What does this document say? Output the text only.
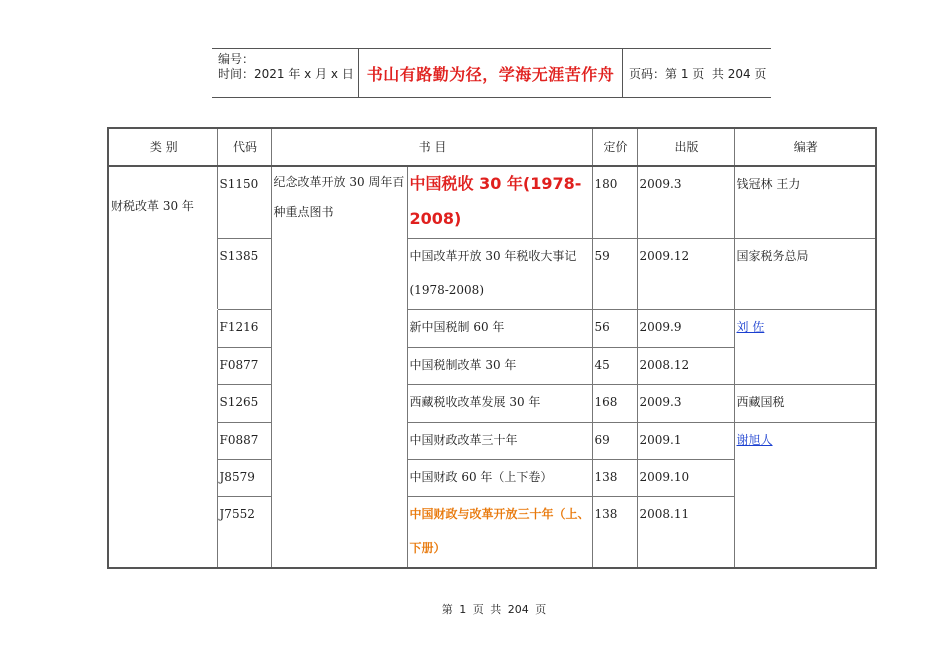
编号：
时间：2021 年 x 月 x 日 书山有路勤为径，学海无涯苦作舟	页码：第 1 页  共 204 页
类 别	代码	书 目		定价	出版	编著
财税改革 30 年	S1150	纪念改革开放 30 周年百种重点图书	中国税收 30 年(1978-2008)	180	2009.3	钱冠林 王力
	S1385		中国改革开放 30 年税收大事记(1978-2008)	59	2009.12	国家税务总局
	F1216		新中国税制 60 年	56	2009.9	刘 佐
	F0877		中国税制改革 30 年	45	2008.12	
	S1265		西藏税收改革发展 30 年	168	2009.3	西藏国税
	F0887		中国财政改革三十年	69	2009.1	谢旭人
	J8579		中国财政 60 年（上下卷）	138	2009.10	
	J7552		中国财政与改革开放三十年（上、下册）	138	2008.11	
第 1 页 共 204 页
